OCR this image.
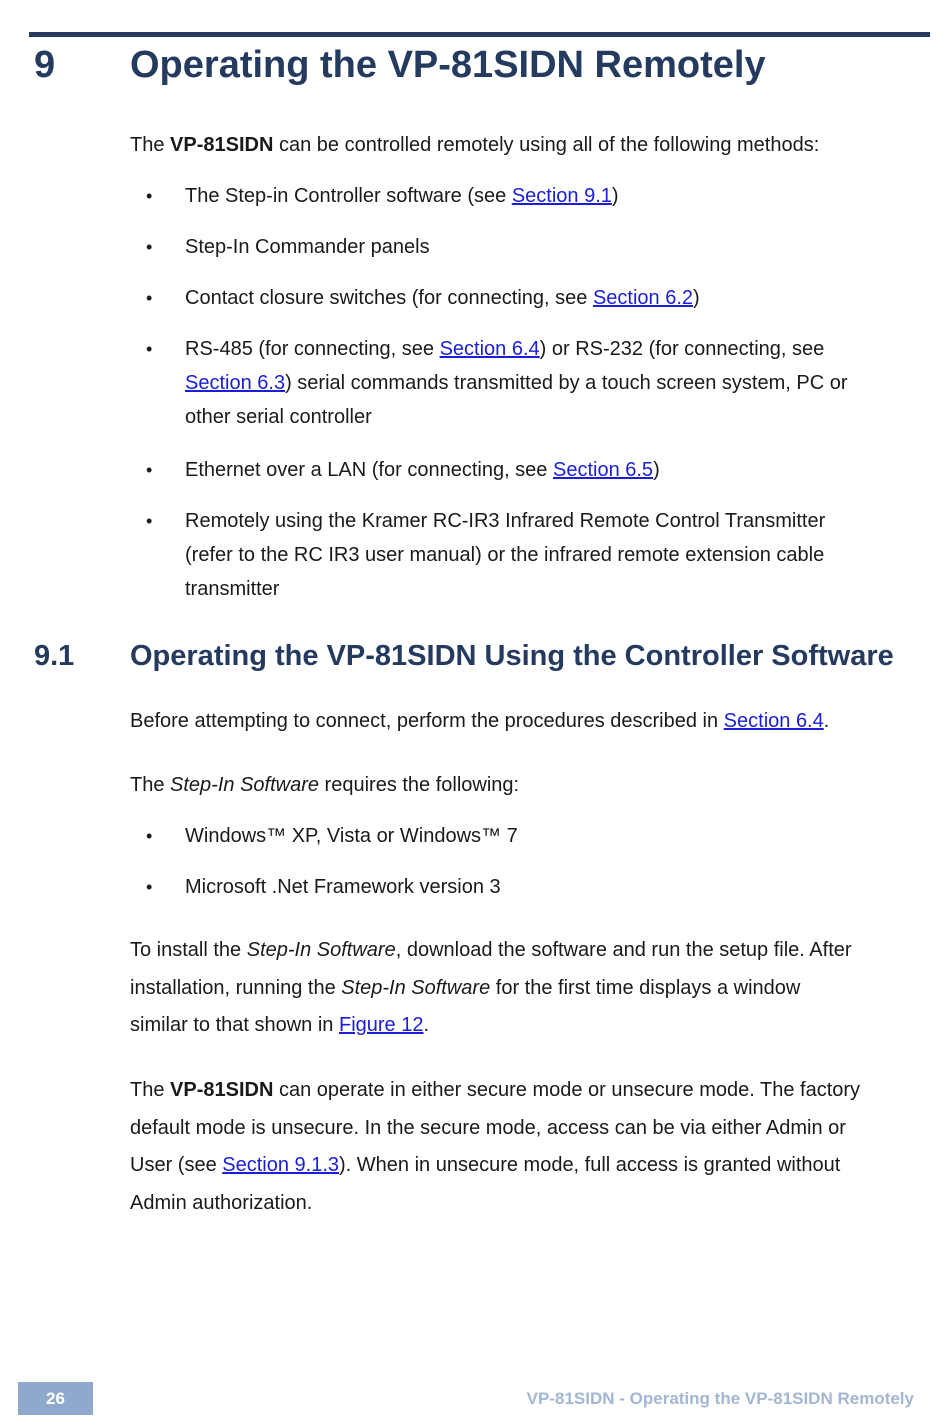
9 Operating the VP-81SIDN Remotely
The VP-81SIDN can be controlled remotely using all of the following methods:
• The Step-in Controller software (see Section 9.1)
• Step-In Commander panels
• Contact closure switches (for connecting, see Section 6.2)
• RS-485 (for connecting, see Section 6.4) or RS-232 (for connecting, see
Section 6.3) serial commands transmitted by a touch screen system, PC or
other serial controller
• Ethernet over a LAN (for connecting, see Section 6.5)
• Remotely using the Kramer RC-IR3 Infrared Remote Control Transmitter
(refer to the RC IR3 user manual) or the infrared remote extension cable
transmitter
9.1 Operating the VP-81SIDN Using the Controller Software
Before attempting to connect, perform the procedures described in Section 6.4.
The Step-In Software requires the following:
• Windows™ XP, Vista or Windows™ 7
• Microsoft .Net Framework version 3
To install the Step-In Software, download the software and run the setup file. After
installation, running the Step-In Software for the first time displays a window
similar to that shown in Figure 12.
The VP-81SIDN can operate in either secure mode or unsecure mode. The factory
default mode is unsecure. In the secure mode, access can be via either Admin or
User (see Section 9.1.3). When in unsecure mode, full access is granted without
Admin authorization.
26	VP-81SIDN - Operating the VP-81SIDN Remotely
